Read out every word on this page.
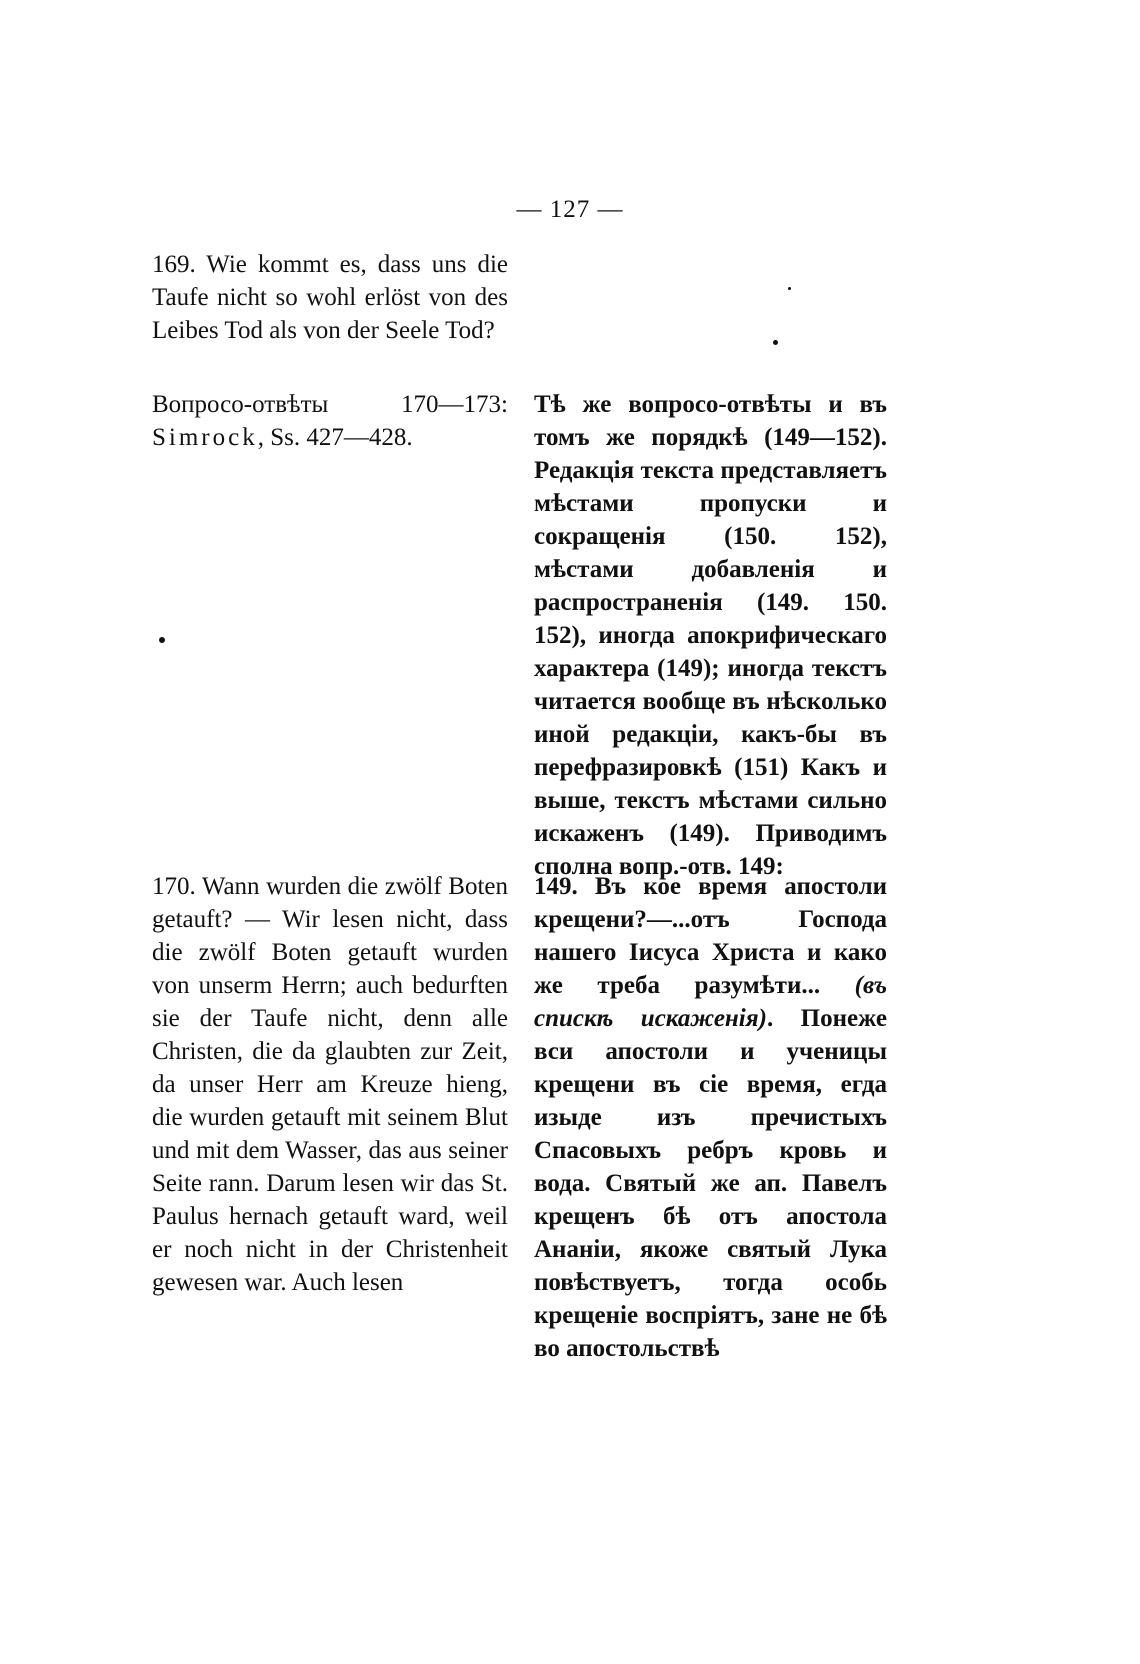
— 127 —

169. Wie kommt es, dass uns die Taufe nicht so wohl erlöst von des Leibes Tod als von der Seele Tod?

Вопросо-отвѣты 170—173: Simrock, Ss. 427—428.

170. Wann wurden die zwölf Boten getauft? — Wir lesen nicht, dass die zwölf Boten getauft wurden von unserm Herrn; auch bedurften sie der Taufe nicht, denn alle Christen, die da glaubten zur Zeit, da unser Herr am Kreuze hieng, die wurden getauft mit seinem Blut und mit dem Wasser, das aus seiner Seite rann. Darum lesen wir das St. Paulus hernach getauft ward, weil er noch nicht in der Christenheit gewesen war. Auch lesen

Тѣ же вопросо-отвѣты и въ томъ же порядкѣ (149—152). Редакція текста представляетъ мѣстами пропуски и сокращенія (150. 152), мѣстами добавленія и распространенія (149. 150. 152), иногда апокрифическаго характера (149); иногда текстъ читается вообще въ нѣсколько иной редакціи, какъ-бы въ перефразировкѣ (151) Какъ и выше, текстъ мѣстами сильно искаженъ (149). Приводимъ сполна вопр.-отв. 149:

149. Въ кое время апостоли крещени?—...отъ Господа нашего Іисуса Христа и како же треба разумѣти... (въ спискѣ искаженія). Понеже вси апостоли и ученицы крещени въ сіе время, егда изыде изъ пречистыхъ Спасовыхъ ребръ кровь и вода. Святый же ап. Павелъ крещенъ бѣ отъ апостола Ананіи, якоже святый Лука повѣствуетъ, тогда особь крещеніе воспріятъ, зане не бѣ во апостольствѣ
